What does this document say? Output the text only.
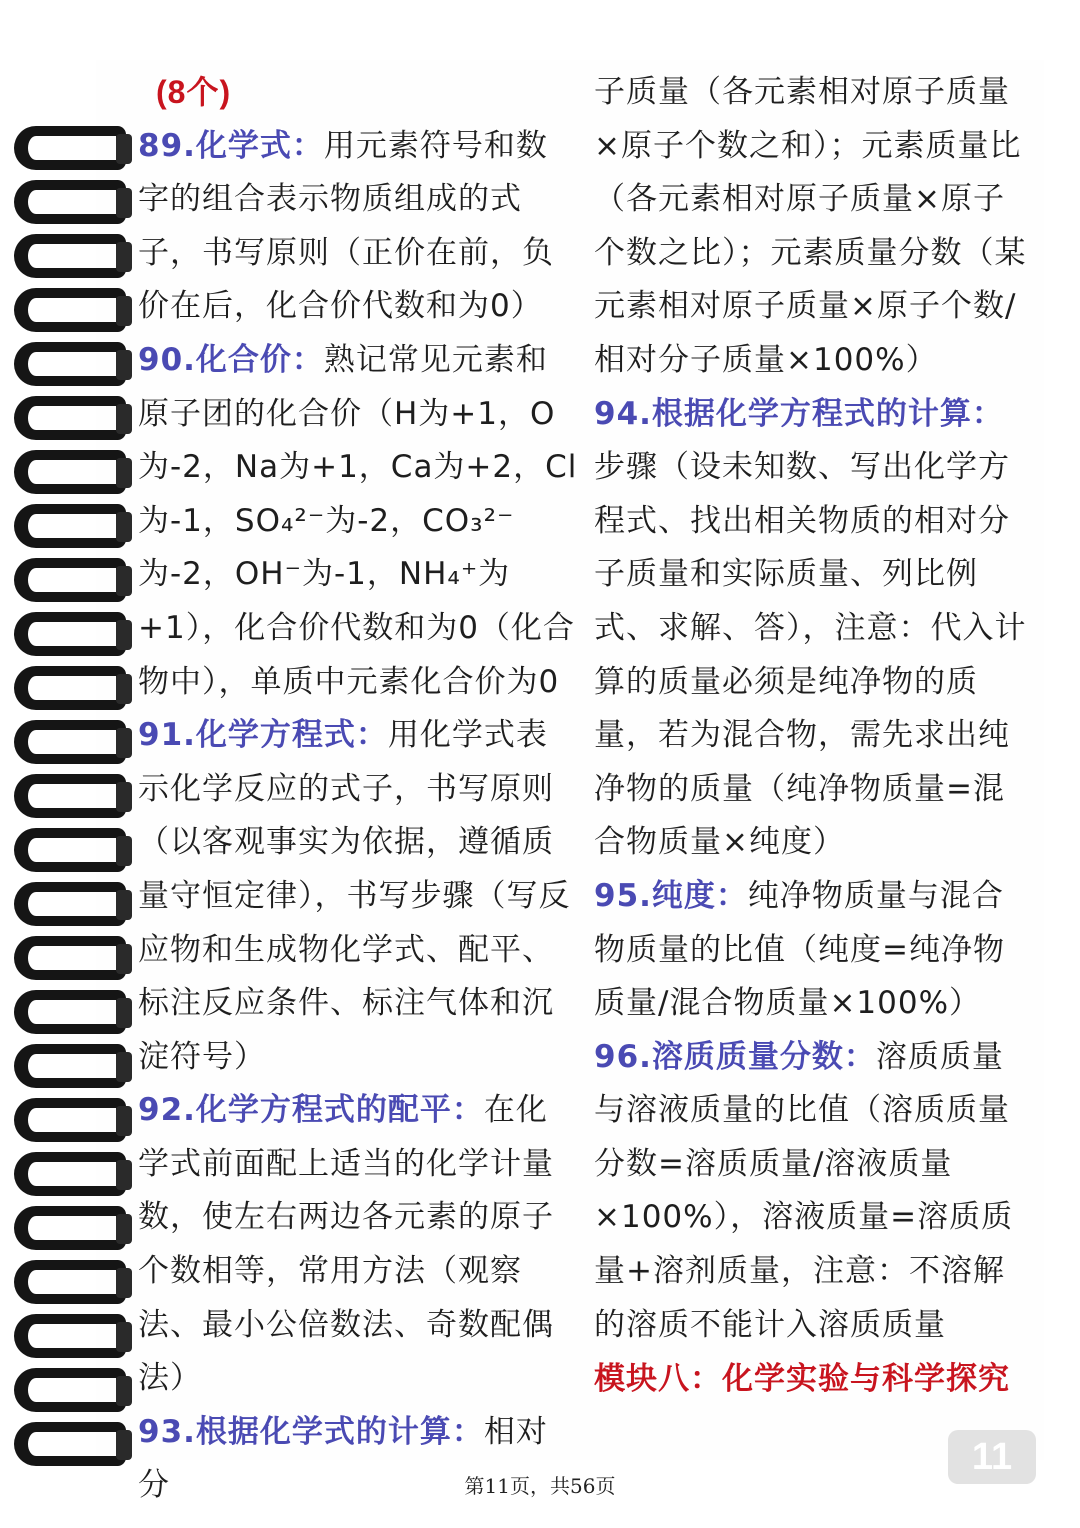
(8个)

89.化学式：用元素符号和数字的组合表示物质组成的式子，书写原则（正价在前，负价在后，化合价代数和为0）

90.化合价：熟记常见元素和原子团的化合价（H为+1，O为-2，Na为+1，Ca为+2，Cl为-1，SO₄²⁻为-2，CO₃²⁻为-2，OH⁻为-1，NH₄⁺为+1），化合价代数和为0（化合物中），单质中元素化合价为0

91.化学方程式：用化学式表示化学反应的式子，书写原则（以客观事实为依据，遵循质量守恒定律），书写步骤（写反应物和生成物化学式、配平、标注反应条件、标注气体和沉淀符号）

92.化学方程式的配平：在化学式前面配上适当的化学计量数，使左右两边各元素的原子个数相等，常用方法（观察法、最小公倍数法、奇数配偶法）

93.根据化学式的计算：相对分

子质量（各元素相对原子质量×原子个数之和）；元素质量比（各元素相对原子质量×原子个数之比）；元素质量分数（某元素相对原子质量×原子个数/相对分子质量×100%）

94.根据化学方程式的计算：步骤（设未知数、写出化学方程式、找出相关物质的相对分子质量和实际质量、列比例式、求解、答），注意：代入计算的质量必须是纯净物的质量，若为混合物，需先求出纯净物的质量（纯净物质量=混合物质量×纯度）

95.纯度：纯净物质量与混合物质量的比值（纯度=纯净物质量/混合物质量×100%）

96.溶质质量分数：溶质质量与溶液质量的比值（溶质质量分数=溶质质量/溶液质量×100%），溶液质量=溶质质量+溶剂质量，注意：不溶解的溶质不能计入溶质质量

模块八：化学实验与科学探究

11
第11页，共56页
